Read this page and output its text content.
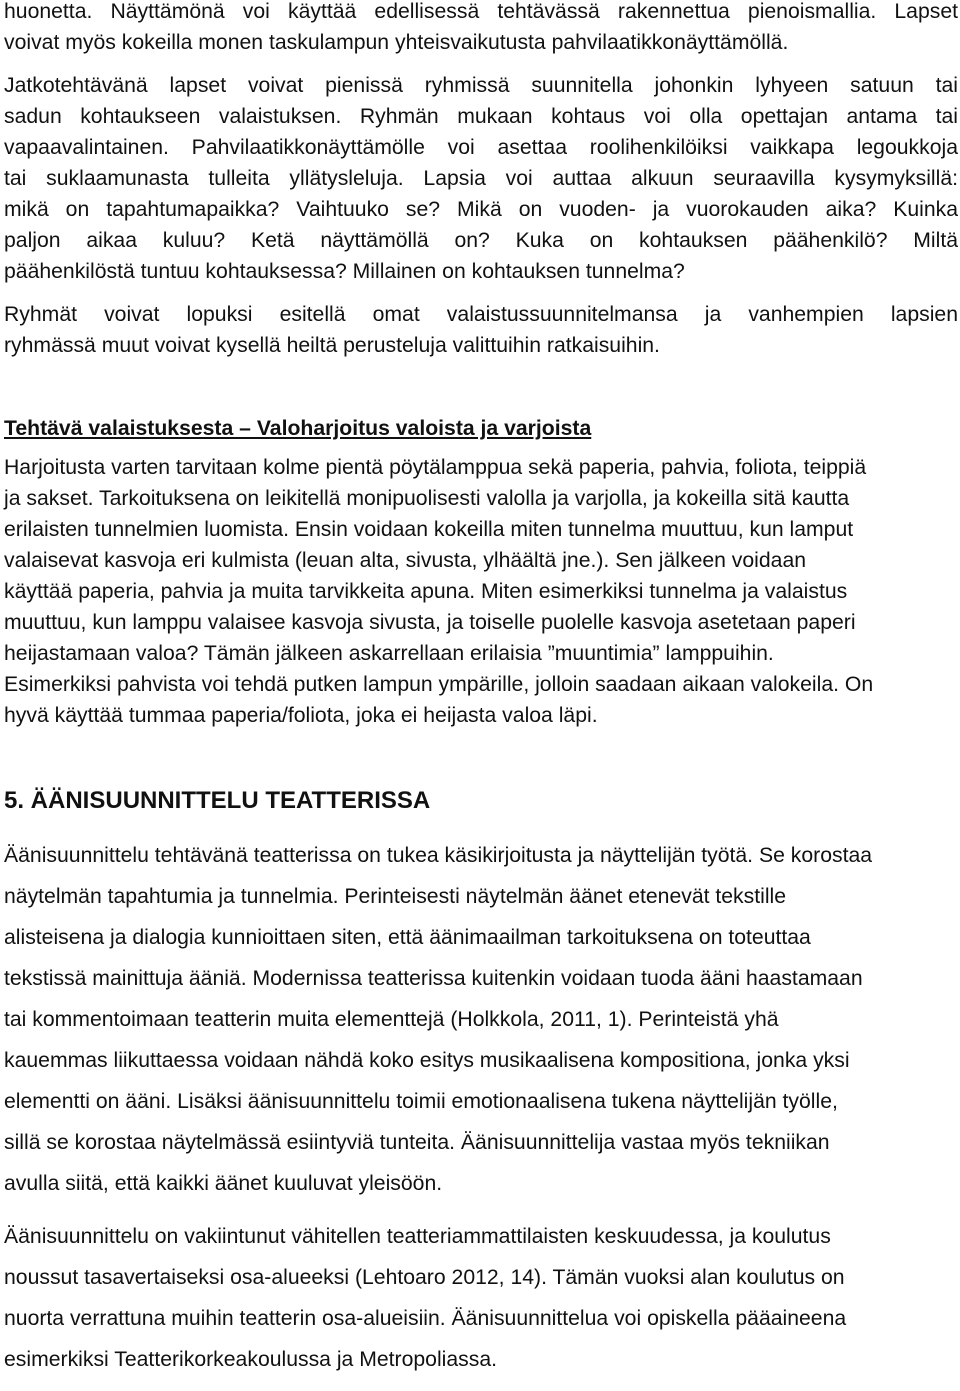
huonetta. Näyttämönä voi käyttää edellisessä tehtävässä rakennettua pienoismallia. Lapset
voivat myös kokeilla monen taskulampun yhteisvaikutusta pahvilaatikkonäyttämöllä.

Jatkotehtävänä lapset voivat pienissä ryhmissä suunnitella johonkin lyhyeen satuun tai
sadun kohtaukseen valaistuksen. Ryhmän mukaan kohtaus voi olla opettajan antama tai
vapaavalintainen. Pahvilaatikkonäyttämölle voi asettaa roolihenkilöiksi vaikkapa legoukkoja
tai suklaamunasta tulleita yllätysleluja. Lapsia voi auttaa alkuun seuraavilla kysymyksillä:
mikä on tapahtumapaikka? Vaihtuuko se? Mikä on vuoden- ja vuorokauden aika? Kuinka
paljon aikaa kuluu? Ketä näyttämöllä on? Kuka on kohtauksen päähenkilö? Miltä
päähenkilöstä tuntuu kohtauksessa? Millainen on kohtauksen tunnelma?

Ryhmät voivat lopuksi esitellä omat valaistussuunnitelmansa ja vanhempien lapsien
ryhmässä muut voivat kysellä heiltä perusteluja valittuihin ratkaisuihin.

Tehtävä valaistuksesta – Valoharjoitus valoista ja varjoista

Harjoitusta varten tarvitaan kolme pientä pöytälamppua sekä paperia, pahvia, foliota, teippiä
ja sakset. Tarkoituksena on leikitellä monipuolisesti valolla ja varjolla, ja kokeilla sitä kautta
erilaisten tunnelmien luomista. Ensin voidaan kokeilla miten tunnelma muuttuu, kun lamput
valaisevat kasvoja eri kulmista (leuan alta, sivusta, ylhäältä jne.). Sen jälkeen voidaan
käyttää paperia, pahvia ja muita tarvikkeita apuna. Miten esimerkiksi tunnelma ja valaistus
muuttuu, kun lamppu valaisee kasvoja sivusta, ja toiselle puolelle kasvoja asetetaan paperi
heijastamaan valoa? Tämän jälkeen askarrellaan erilaisia ”muuntimia” lamppuihin.
Esimerkiksi pahvista voi tehdä putken lampun ympärille, jolloin saadaan aikaan valokeila. On
hyvä käyttää tummaa paperia/foliota, joka ei heijasta valoa läpi.

5. ÄÄNISUUNNITTELU TEATTERISSA

Äänisuunnittelu tehtävänä teatterissa on tukea käsikirjoitusta ja näyttelijän työtä. Se korostaa
näytelmän tapahtumia ja tunnelmia. Perinteisesti näytelmän äänet etenevät tekstille
alisteisena ja dialogia kunnioittaen siten, että äänimaailman tarkoituksena on toteuttaa
tekstissä mainittuja ääniä. Modernissa teatterissa kuitenkin voidaan tuoda ääni haastamaan
tai kommentoimaan teatterin muita elementtejä (Holkkola, 2011, 1). Perinteistä yhä
kauemmas liikuttaessa voidaan nähdä koko esitys musikaalisena kompositiona, jonka yksi
elementti on ääni. Lisäksi äänisuunnittelu toimii emotionaalisena tukena näyttelijän työlle,
sillä se korostaa näytelmässä esiintyviä tunteita. Äänisuunnittelija vastaa myös tekniikan
avulla siitä, että kaikki äänet kuuluvat yleisöön.

Äänisuunnittelu on vakiintunut vähitellen teatteriammattilaisten keskuudessa, ja koulutus
noussut tasavertaiseksi osa-alueeksi (Lehtoaro 2012, 14). Tämän vuoksi alan koulutus on
nuorta verrattuna muihin teatterin osa-alueisiin. Äänisuunnittelua voi opiskella pääaineena
esimerkiksi Teatterikorkeakoulussa ja Metropoliassa.
